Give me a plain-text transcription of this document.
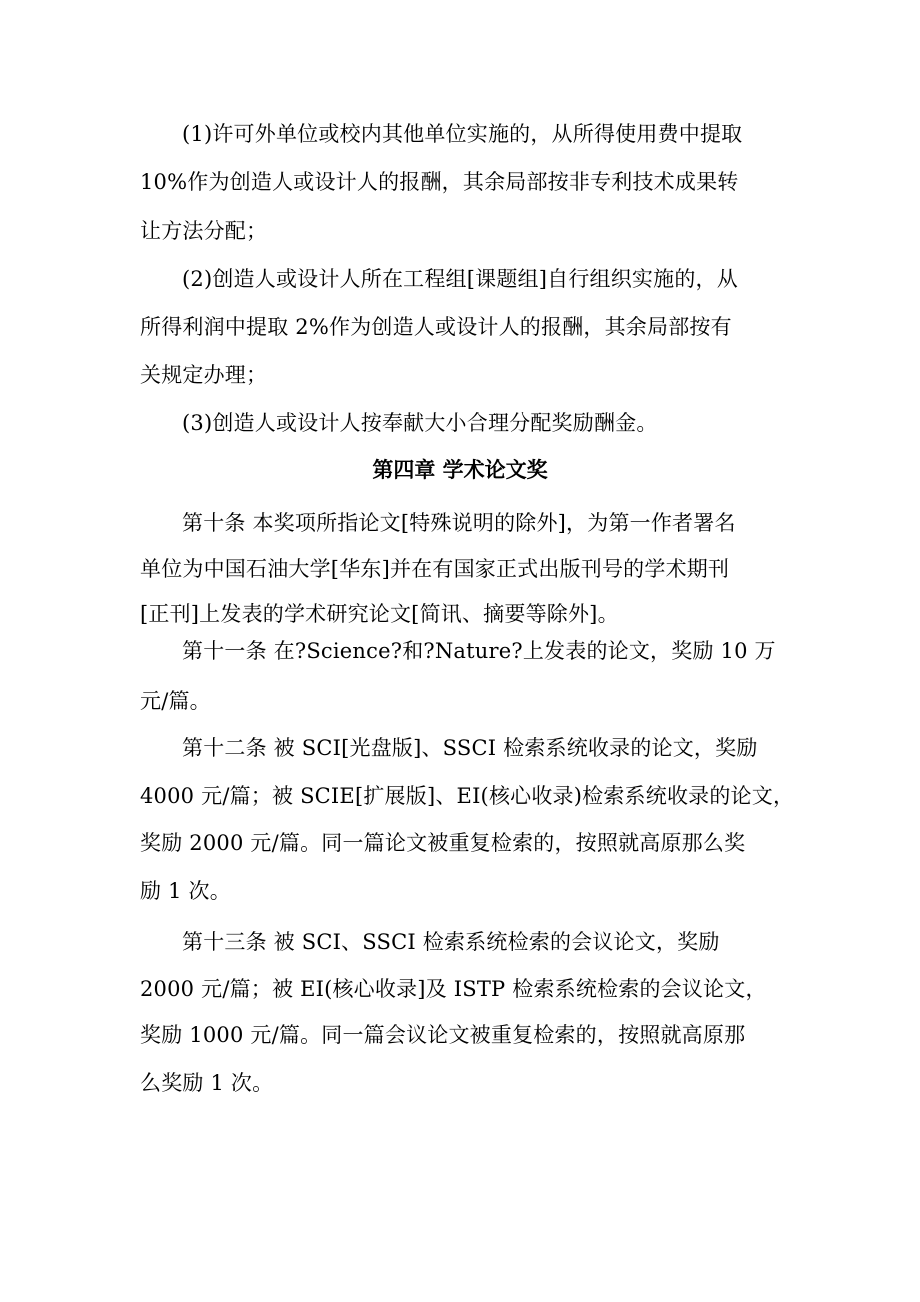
(1)许可外单位或校内其他单位实施的，从所得使用费中提取
10%作为创造人或设计人的报酬，其余局部按非专利技术成果转
让方法分配；
(2)创造人或设计人所在工程组[课题组]自行组织实施的，从
所得利润中提取 2%作为创造人或设计人的报酬，其余局部按有
关规定办理；
(3)创造人或设计人按奉献大小合理分配奖励酬金。
第四章 学术论文奖
第十条 本奖项所指论文[特殊说明的除外]，为第一作者署名
单位为中国石油大学[华东]并在有国家正式出版刊号的学术期刊
[正刊]上发表的学术研究论文[简讯、摘要等除外]。
第十一条 在?Science?和?Nature?上发表的论文，奖励 10 万
元/篇。
第十二条 被 SCI[光盘版]、SSCI 检索系统收录的论文，奖励
4000 元/篇；被 SCIE[扩展版]、EI(核心收录)检索系统收录的论文，
奖励 2000 元/篇。同一篇论文被重复检索的，按照就高原那么奖
励 1 次。
第十三条 被 SCI、SSCI 检索系统检索的会议论文，奖励
2000 元/篇；被 EI(核心收录]及 ISTP 检索系统检索的会议论文，
奖励 1000 元/篇。同一篇会议论文被重复检索的，按照就高原那
么奖励 1 次。
